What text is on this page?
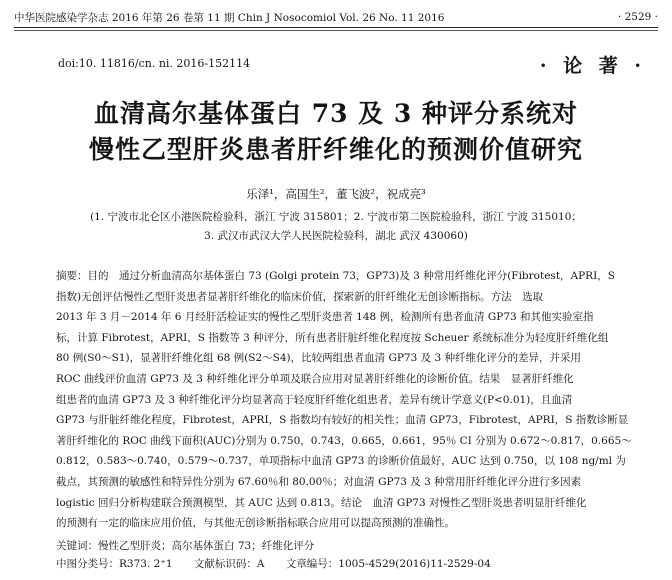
中华医院感染学杂志 2016 年第 26 卷第 11 期 Chin J Nosocomiol Vol. 26 No. 11 2016	· 2529 ·
doi:10. 11816/cn. ni. 2016-152114	· 论 著 ·
血清高尔基体蛋白 73 及 3 种评分系统对
慢性乙型肝炎患者肝纤维化的预测价值研究
乐泽¹，高国生²，董飞波²，祝成亮³
(1. 宁波市北仑区小港医院检验科，浙江 宁波 315801；2. 宁波市第二医院检验科，浙江 宁波 315010；
3. 武汉市武汉大学人民医院检验科，湖北 武汉 430060)
摘要：目的　通过分析血清高尔基体蛋白 73 (Golgi protein 73，GP73)及 3 种常用纤维化评分(Fibrotest，APRI，S
指数)无创评估慢性乙型肝炎患者显著肝纤维化的临床价值，探索新的肝纤维化无创诊断指标。方法　选取
2013 年 3 月－2014 年 6 月经肝活检证实的慢性乙型肝炎患者 148 例，检测所有患者血清 GP73 和其他实验室指
标，计算 Fibrotest，APRI，S 指数等 3 种评分，所有患者肝脏纤维化程度按 Scheuer 系统标准分为轻度肝纤维化组
80 例(S0～S1)，显著肝纤维化组 68 例(S2～S4)，比较两组患者血清 GP73 及 3 种纤维化评分的差异，并采用
ROC 曲线评价血清 GP73 及 3 种纤维化评分单项及联合应用对显著肝纤维化的诊断价值。结果　显著肝纤维化
组患者的血清 GP73 及 3 种纤维化评分均显著高于轻度肝纤维化组患者，差异有统计学意义(P<0.01)，且血清
GP73 与肝脏纤维化程度，Fibrotest，APRI，S 指数均有较好的相关性；血清 GP73，Fibrotest，APRI，S 指数诊断显
著肝纤维化的 ROC 曲线下面积(AUC)分别为 0.750，0.743，0.665，0.661，95％ CI 分别为 0.672～0.817，0.665～
0.812，0.583～0.740，0.579～0.737，单项指标中血清 GP73 的诊断价值最好，AUC 达到 0.750，以 108 ng/ml 为
截点，其预测的敏感性和特异性分别为 67.60％和 80.00％；对血清 GP73 及 3 种常用肝纤维化评分进行多因素
logistic 回归分析构建联合预测模型，其 AUC 达到 0.813。结论　血清 GP73 对慢性乙型肝炎患者明显肝纤维化
的预测有一定的临床应用价值，与其他无创诊断指标联合应用可以提高预测的准确性。
关键词：慢性乙型肝炎；高尔基体蛋白 73；纤维化评分
中图分类号：R373. 2⁺1 文献标识码：A 文章编号：1005-4529(2016)11-2529-04
